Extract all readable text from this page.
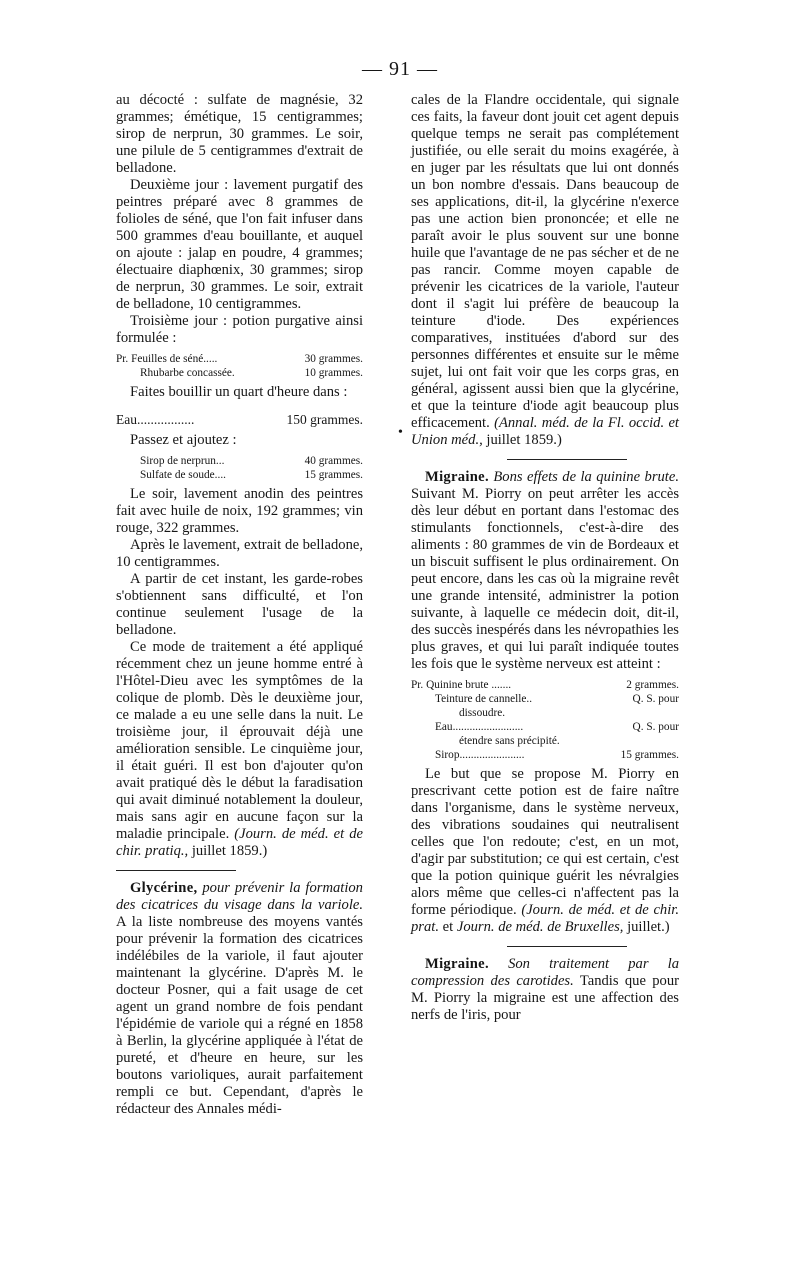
— 91 —

au décocté : sulfate de magnésie, 32 grammes; émétique, 15 centigrammes; sirop de nerprun, 30 grammes. Le soir, une pilule de 5 centigrammes d'extrait de belladone.

Deuxième jour : lavement purgatif des peintres préparé avec 8 grammes de folioles de séné, que l'on fait infuser dans 500 grammes d'eau bouillante, et auquel on ajoute : jalap en poudre, 4 grammes; électuaire diaphœnix, 30 grammes; sirop de nerprun, 30 grammes. Le soir, extrait de belladone, 10 centigrammes.

Troisième jour : potion purgative ainsi formulée :

Pr. Feuilles de séné.....	30 grammes.
Rhubarbe concassée.	10 grammes.

Faites bouillir un quart d'heure dans :

Eau.................	150 grammes.

Passez et ajoutez :

Sirop de nerprun...	40 grammes.
Sulfate de soude....	15 grammes.

Le soir, lavement anodin des peintres fait avec huile de noix, 192 grammes; vin rouge, 322 grammes.

Après le lavement, extrait de belladone, 10 centigrammes.

A partir de cet instant, les garde-robes s'obtiennent sans difficulté, et l'on continue seulement l'usage de la belladone.

Ce mode de traitement a été appliqué récemment chez un jeune homme entré à l'Hôtel-Dieu avec les symptômes de la colique de plomb. Dès le deuxième jour, ce malade a eu une selle dans la nuit. Le troisième jour, il éprouvait déjà une amélioration sensible. Le cinquième jour, il était guéri. Il est bon d'ajouter qu'on avait pratiqué dès le début la faradisation qui avait diminué notablement la douleur, mais sans agir en aucune façon sur la maladie principale. (Journ. de méd. et de chir. pratiq., juillet 1859.)

Glycérine, pour prévenir la formation des cicatrices du visage dans la variole. A la liste nombreuse des moyens vantés pour prévenir la formation des cicatrices indélébiles de la variole, il faut ajouter maintenant la glycérine. D'après M. le docteur Posner, qui a fait usage de cet agent un grand nombre de fois pendant l'épidémie de variole qui a régné en 1858 à Berlin, la glycérine appliquée à l'état de pureté, et d'heure en heure, sur les boutons varioliques, aurait parfaitement rempli ce but. Cependant, d'après le rédacteur des Annales médi-

•

cales de la Flandre occidentale, qui signale ces faits, la faveur dont jouit cet agent depuis quelque temps ne serait pas complétement justifiée, ou elle serait du moins exagérée, à en juger par les résultats que lui ont donnés un bon nombre d'essais. Dans beaucoup de ses applications, dit-il, la glycérine n'exerce pas une action bien prononcée; et elle ne paraît avoir le plus souvent sur une bonne huile que l'avantage de ne pas sécher et de ne pas rancir. Comme moyen capable de prévenir les cicatrices de la variole, l'auteur dont il s'agit lui préfère de beaucoup la teinture d'iode. Des expériences comparatives, instituées d'abord sur des personnes différentes et ensuite sur le même sujet, lui ont fait voir que les corps gras, en général, agissent aussi bien que la glycérine, et que la teinture d'iode agit beaucoup plus efficacement. (Annal. méd. de la Fl. occid. et Union méd., juillet 1859.)

Migraine. Bons effets de la quinine brute. Suivant M. Piorry on peut arrêter les accès dès leur début en portant dans l'estomac des stimulants fonctionnels, c'est-à-dire des aliments : 80 grammes de vin de Bordeaux et un biscuit suffisent le plus ordinairement. On peut encore, dans les cas où la migraine revêt une grande intensité, administrer la potion suivante, à laquelle ce médecin doit, dit-il, des succès inespérés dans les névropathies les plus graves, et qui lui paraît indiquée toutes les fois que le système nerveux est atteint :

Pr. Quinine brute .......	2 grammes.
Teinture de cannelle..	Q. S. pour
dissoudre.
Eau.........................	Q. S. pour
étendre sans précipité.
Sirop.......................	15 grammes.

Le but que se propose M. Piorry en prescrivant cette potion est de faire naître dans l'organisme, dans le système nerveux, des vibrations soudaines qui neutralisent celles que l'on redoute; c'est, en un mot, d'agir par substitution; ce qui est certain, c'est que la potion quinique guérit les névralgies alors même que celles-ci n'affectent pas la forme périodique. (Journ. de méd. et de chir. prat. et Journ. de méd. de Bruxelles, juillet.)

Migraine. Son traitement par la compression des carotides. Tandis que pour M. Piorry la migraine est une affection des nerfs de l'iris, pour
